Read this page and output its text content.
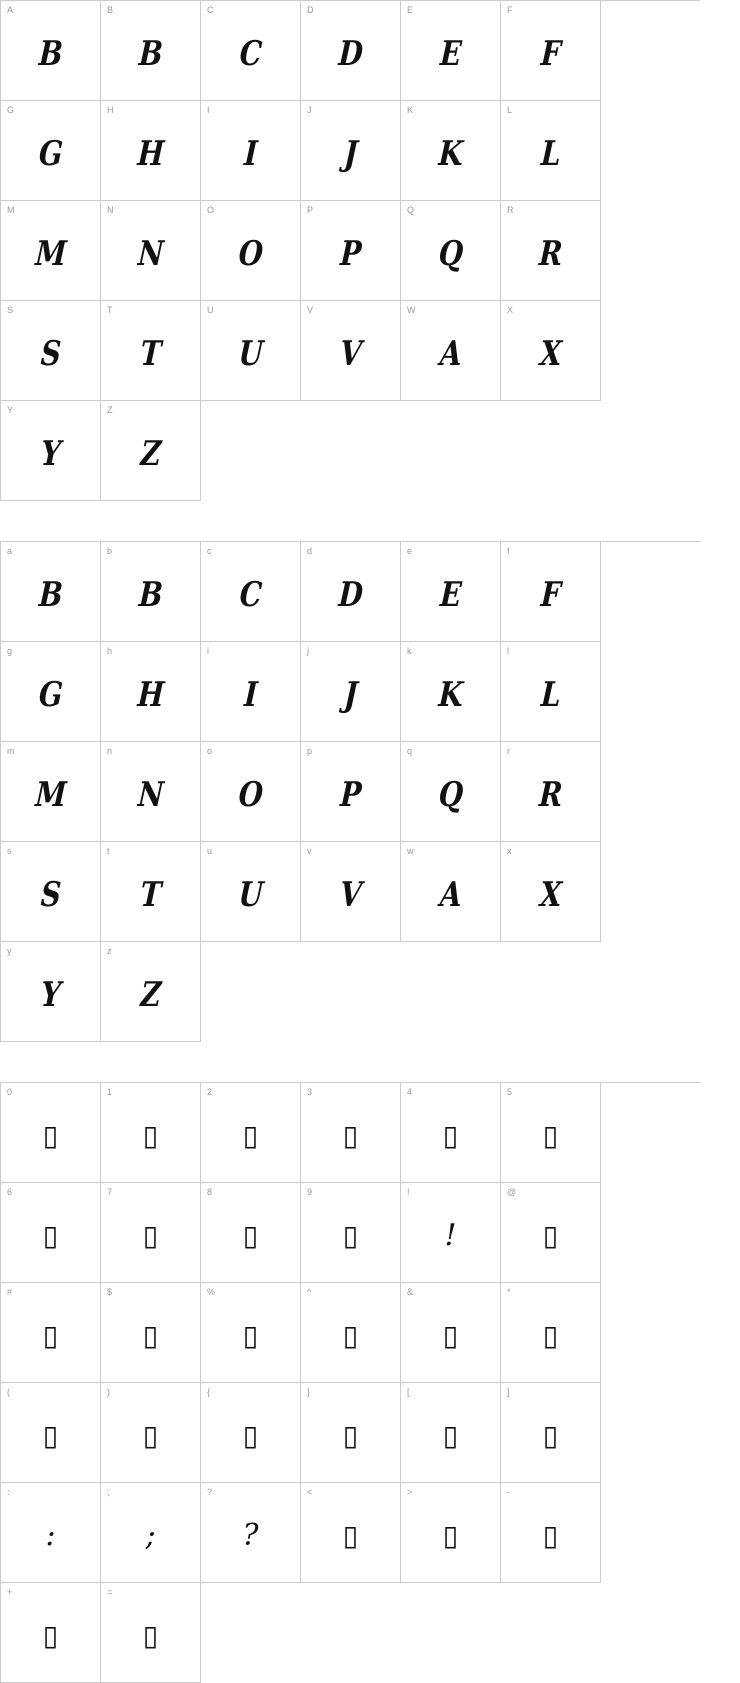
A
B
B
B
C
C
D
D
E
E
F
F
G
G
H
H
I
I
J
J
K
K
L
L
M
M
N
N
O
O
P
P
Q
Q
R
R
S
S
T
T
U
U
V
V
W
A
X
X
Y
Y
Z
Z
a
B
b
B
c
C
d
D
e
E
f
F
g
G
h
H
i
I
j
J
k
K
l
L
m
M
n
N
o
O
p
P
q
Q
r
R
s
S
t
T
u
U
v
V
w
A
x
X
y
Y
z
Z
0
▯
1
▯
2
▯
3
▯
4
▯
5
▯
6
▯
7
▯
8
▯
9
▯
!
!
@
▯
#
▯
$
▯
%
▯
^
▯
&
▯
*
▯
(
▯
)
▯
{
▯
}
▯
[
▯
]
▯
:
:
;
;
?
?
<
▯
>
▯
-
▯
+
▯
=
▯
